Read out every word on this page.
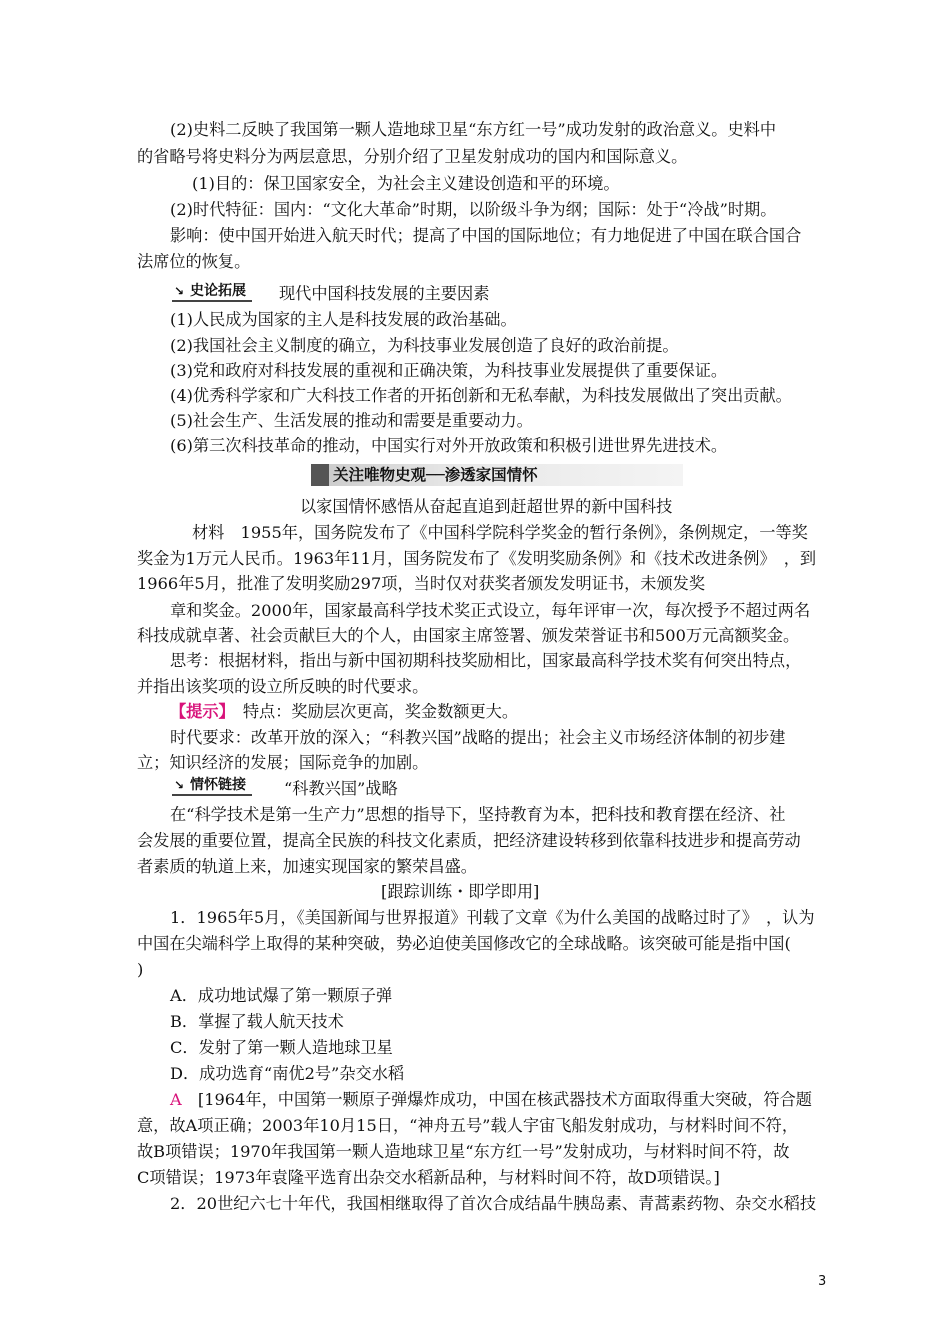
(2)史料二反映了我国第一颗人造地球卫星“东方红一号”成功发射的政治意义。史料中
的省略号将史料分为两层意思，分别介绍了卫星发射成功的国内和国际意义。
(1)目的：保卫国家安全，为社会主义建设创造和平的环境。
(2)时代特征：国内：“文化大革命”时期，以阶级斗争为纲；国际：处于“冷战”时期。
影响：使中国开始进入航天时代；提高了中国的国际地位；有力地促进了中国在联合国合
法席位的恢复。
↘ 史论拓展	现代中国科技发展的主要因素
(1)人民成为国家的主人是科技发展的政治基础。
(2)我国社会主义制度的确立，为科技事业发展创造了良好的政治前提。
(3)党和政府对科技发展的重视和正确决策，为科技事业发展提供了重要保证。
(4)优秀科学家和广大科技工作者的开拓创新和无私奉献，为科技发展做出了突出贡献。
(5)社会生产、生活发展的推动和需要是重要动力。
(6)第三次科技革命的推动，中国实行对外开放政策和积极引进世界先进技术。
关注唯物史观──渗透家国情怀
以家国情怀感悟从奋起直追到赶超世界的新中国科技
材料　1955年，国务院发布了《中国科学院科学奖金的暂行条例》，条例规定，一等奖
奖金为1万元人民币。1963年11月，国务院发布了《发明奖励条例》和《技术改进条例》　，到
1966年5月，批准了发明奖励297项，当时仅对获奖者颁发发明证书，未颁发奖
章和奖金。2000年，国家最高科学技术奖正式设立，每年评审一次，每次授予不超过两名
科技成就卓著、社会贡献巨大的个人，由国家主席签署、颁发荣誉证书和500万元高额奖金。
思考：根据材料，指出与新中国初期科技奖励相比，国家最高科学技术奖有何突出特点，
并指出该奖项的设立所反映的时代要求。
【提示】　特点：奖励层次更高，奖金数额更大。
时代要求：改革开放的深入；“科教兴国”战略的提出；社会主义市场经济体制的初步建
立；知识经济的发展；国际竞争的加剧。
↘ 情怀链接	“科教兴国”战略
在“科学技术是第一生产力”思想的指导下，坚持教育为本，把科技和教育摆在经济、社
会发展的重要位置，提高全民族的科技文化素质，把经济建设转移到依靠科技进步和提高劳动
者素质的轨道上来，加速实现国家的繁荣昌盛。
[跟踪训练・即学即用]
1．1965年5月，《美国新闻与世界报道》刊载了文章《为什么美国的战略过时了》　，认为
中国在尖端科学上取得的某种突破，势必迫使美国修改它的全球战略。该突破可能是指中国(
)
A．成功地试爆了第一颗原子弹
B．掌握了载人航天技术
C．发射了第一颗人造地球卫星
D．成功选育“南优2号”杂交水稻
A　[1964年，中国第一颗原子弹爆炸成功，中国在核武器技术方面取得重大突破，符合题
意，故A项正确；2003年10月15日，“神舟五号”载人宇宙飞船发射成功，与材料时间不符，
故B项错误；1970年我国第一颗人造地球卫星“东方红一号”发射成功，与材料时间不符，故
C项错误；1973年袁隆平选育出杂交水稻新品种，与材料时间不符，故D项错误。]
2．20世纪六七十年代，我国相继取得了首次合成结晶牛胰岛素、青蒿素药物、杂交水稻技
3
